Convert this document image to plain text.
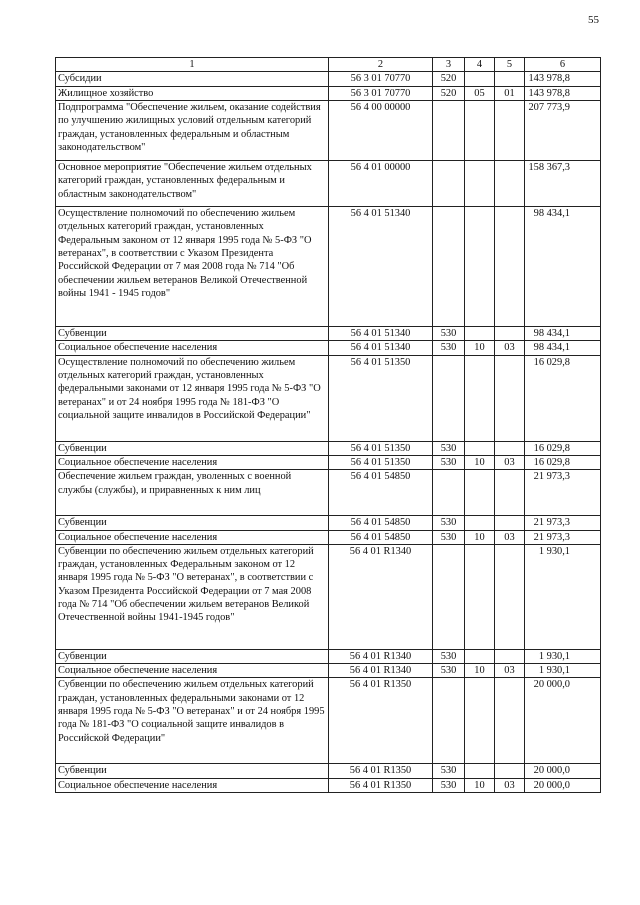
55
1	2	3	4	5	6
Субсидии	56 3 01 70770	520			143 978,8
Жилищное хозяйство	56 3 01 70770	520	05	01	143 978,8
Подпрограмма "Обеспечение жильем, оказание содействия по улучшению жилищных условий отдельным категорий граждан, установленных федеральным и областным законодательством"	56 4 00 00000				207 773,9
Основное мероприятие "Обеспечение жильем отдельных категорий граждан, установленных федеральным и областным законодательством"	56 4 01 00000				158 367,3
Осуществление полномочий по обеспечению жильем отдельных категорий граждан, установленных Федеральным законом от 12 января 1995 года № 5-ФЗ "О ветеранах", в соответствии с Указом Президента Российской Федерации от 7 мая 2008 года № 714 "Об обеспечении жильем ветеранов Великой Отечественной войны 1941 - 1945 годов"	56 4 01 51340				98 434,1
Субвенции	56 4 01 51340	530			98 434,1
Социальное обеспечение населения	56 4 01 51340	530	10	03	98 434,1
Осуществление полномочий по обеспечению жильем отдельных категорий граждан, установленных федеральными законами от 12 января 1995 года № 5-ФЗ "О ветеранах" и от 24 ноября 1995 года № 181-ФЗ "О социальной защите инвалидов в Российской Федерации"	56 4 01 51350				16 029,8
Субвенции	56 4 01 51350	530			16 029,8
Социальное обеспечение населения	56 4 01 51350	530	10	03	16 029,8
Обеспечение жильем граждан, уволенных с военной службы (службы), и приравненных к ним лиц	56 4 01 54850				21 973,3
Субвенции	56 4 01 54850	530			21 973,3
Социальное обеспечение населения	56 4 01 54850	530	10	03	21 973,3
Субвенции по обеспечению жильем отдельных категорий граждан, установленных Федеральным законом от 12 января 1995 года № 5-ФЗ "О ветеранах", в соответствии с Указом Президента Российской Федерации от 7 мая 2008 года № 714 "Об обеспечении жильем ветеранов Великой Отечественной войны 1941-1945 годов"	56 4 01 R1340				1 930,1
Субвенции	56 4 01 R1340	530			1 930,1
Социальное обеспечение населения	56 4 01 R1340	530	10	03	1 930,1
Субвенции по обеспечению жильем отдельных категорий граждан, установленных федеральными законами от 12 января 1995 года № 5-ФЗ "О ветеранах" и от 24 ноября 1995 года № 181-ФЗ "О социальной защите инвалидов в Российской Федерации"	56 4 01 R1350				20 000,0
Субвенции	56 4 01 R1350	530			20 000,0
Социальное обеспечение населения	56 4 01 R1350	530	10	03	20 000,0
